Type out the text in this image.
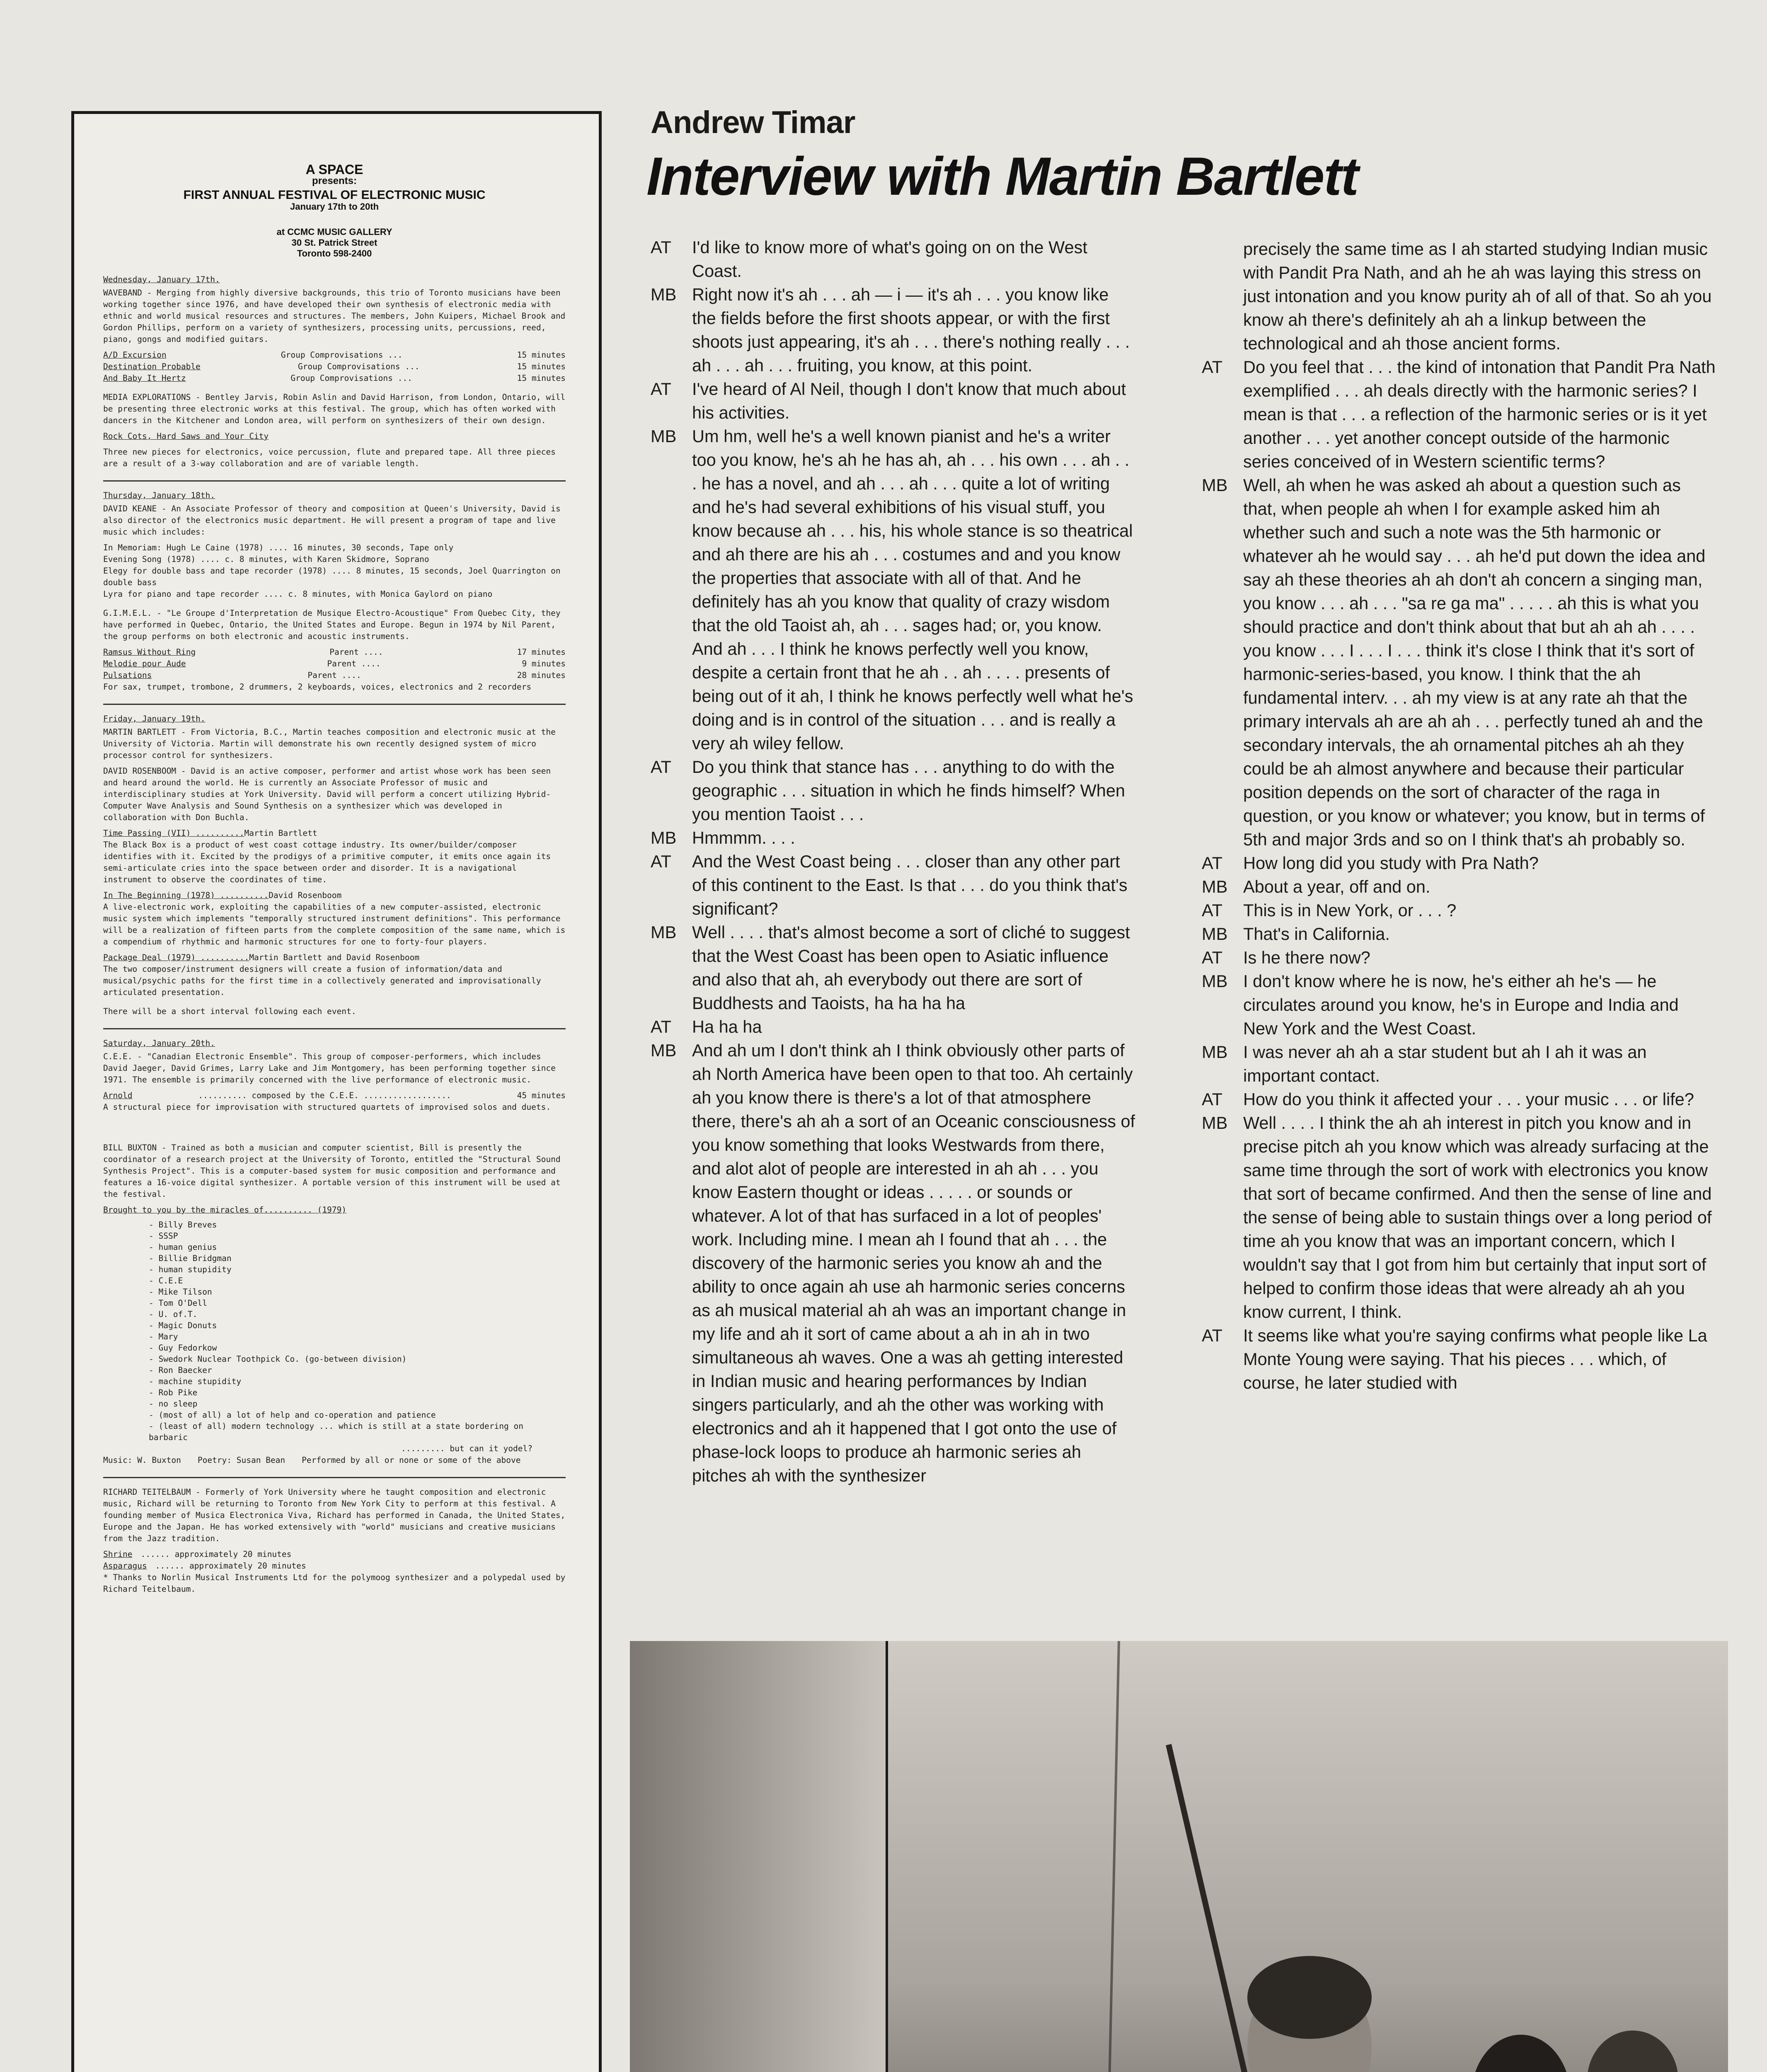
A SPACE
presents:
FIRST ANNUAL FESTIVAL OF ELECTRONIC MUSIC
January 17th to 20th
at CCMC MUSIC GALLERY
30 St. Patrick Street
Toronto 598-2400
Wednesday, January 17th.

WAVEBAND - Merging from highly diversive backgrounds, this trio of Toronto musicians have been working together since 1976, and have developed their own synthesis of electronic media with ethnic and world musical resources and structures. The members, John Kuipers, Michael Brook and Gordon Phillips, perform on a variety of synthesizers, processing units, percussions, reed, piano, gongs and modified guitars.

A/D Excursion	Group Comprovisations ...	15 minutes
Destination Probable	Group Comprovisations ...	15 minutes
And Baby It Hertz	Group Comprovisations ...	15 minutes

MEDIA EXPLORATIONS - Bentley Jarvis, Robin Aslin and David Harrison, from London, Ontario, will be presenting three electronic works at this festival. The group, which has often worked with dancers in the Kitchener and London area, will perform on synthesizers of their own design.

Rock Cots, Hard Saws and Your City

Three new pieces for electronics, voice percussion, flute and prepared tape. All three pieces are a result of a 3-way collaboration and are of variable length.

Thursday, January 18th.

DAVID KEANE - An Associate Professor of theory and composition at Queen's University, David is also director of the electronics music department. He will present a program of tape and live music which includes:

In Memoriam: Hugh Le Caine (1978) .... 16 minutes, 30 seconds, Tape only
Evening Song (1978) .... c. 8 minutes, with Karen Skidmore, Soprano
Elegy for double bass and tape recorder (1978) .... 8 minutes, 15 seconds, Joel Quarrington on double bass
Lyra for piano and tape recorder .... c. 8 minutes, with Monica Gaylord on piano

G.I.M.E.L. - "Le Groupe d'Interpretation de Musique Electro-Acoustique" From Quebec City, they have performed in Quebec, Ontario, the United States and Europe. Begun in 1974 by Nil Parent, the group performs on both electronic and acoustic instruments.

Ramsus Without Ring	Parent ....	17 minutes
Melodie pour Aude	Parent ....	9 minutes
Pulsations	Parent ....	28 minutes

For sax, trumpet, trombone, 2 drummers, 2 keyboards, voices, electronics and 2 recorders

Friday, January 19th.

MARTIN BARTLETT - From Victoria, B.C., Martin teaches composition and electronic music at the University of Victoria. Martin will demonstrate his own recently designed system of micro processor control for synthesizers.

DAVID ROSENBOOM - David is an active composer, performer and artist whose work has been seen and heard around the world. He is currently an Associate Professor of music and interdisciplinary studies at York University. David will perform a concert utilizing Hybrid-Computer Wave Analysis and Sound Synthesis on a synthesizer which was developed in collaboration with Don Buchla.

Time Passing (VII) ..........Martin Bartlett

The Black Box is a product of west coast cottage industry. Its owner/builder/composer identifies with it. Excited by the prodigys of a primitive computer, it emits once again its semi-articulate cries into the space between order and disorder. It is a navigational instrument to observe the coordinates of time.

In The Beginning (1978) ..........David Rosenboom

A live-electronic work, exploiting the capabilities of a new computer-assisted, electronic music system which implements "temporally structured instrument definitions". This performance will be a realization of fifteen parts from the complete composition of the same name, which is a compendium of rhythmic and harmonic structures for one to forty-four players.

Package Deal (1979) ..........Martin Bartlett and David Rosenboom

The two composer/instrument designers will create a fusion of information/data and musical/psychic paths for the first time in a collectively generated and improvisationally articulated presentation.

There will be a short interval following each event.

Saturday, January 20th.

C.E.E. - "Canadian Electronic Ensemble". This group of composer-performers, which includes David Jaeger, David Grimes, Larry Lake and Jim Montgomery, has been performing together since 1971. The ensemble is primarily concerned with the live performance of electronic music.

Arnold	.......... composed by the C.E.E. ..................	45 minutes

A structural piece for improvisation with structured quartets of improvised solos and duets.

BILL BUXTON - Trained as both a musician and computer scientist, Bill is presently the coordinator of a research project at the University of Toronto, entitled the "Structural Sound Synthesis Project". This is a computer-based system for music composition and performance and features a 16-voice digital synthesizer. A portable version of this instrument will be used at the festival.

Brought to you by the miracles of.......... (1979)
- Billy Breves
- SSSP
- human genius
- Billie Bridgman
- human stupidity
- C.E.E
- Mike Tilson
- Tom O'Dell
- U. of.T.
- Magic Donuts
- Mary
- Guy Fedorkow
- Swedork Nuclear Toothpick Co. (go-between division)
- Ron Baecker
- machine stupidity
- Rob Pike
- no sleep
- (most of all) a lot of help and co-operation and patience
- (least of all) modern technology ... which is still at a state bordering on barbaric
......... but can it yodel?
Music: W. Buxton Poetry: Susan Bean Performed by all or none or some of the above

RICHARD TEITELBAUM - Formerly of York University where he taught composition and electronic music, Richard will be returning to Toronto from New York City to perform at this festival. A founding member of Musica Electronica Viva, Richard has performed in Canada, the United States, Europe and the Japan. He has worked extensively with "world" musicians and creative musicians from the Jazz tradition.

Shrine ...... approximately 20 minutes
Asparagus ...... approximately 20 minutes

* Thanks to Norlin Musical Instruments Ltd for the polymoog synthesizer and a polypedal used by Richard Teitelbaum.

Andrew Timar
Interview with Martin Bartlett
AT	I'd like to know more of what's going on on the West Coast.
MB Right now it's ah . . . ah — i — it's ah . . . you know like the fields before the first shoots appear, or with the first shoots just appearing, it's ah . . . there's nothing really . . . ah . . . ah . . . fruiting, you know, at this point.
AT	I've heard of Al Neil, though I don't know that much about his activities.
MB Um hm, well he's a well known pianist and he's a writer too you know, he's ah he has ah, ah . . . his own . . . ah . . . he has a novel, and ah . . . ah . . . quite a lot of writing and he's had several exhibitions of his visual stuff, you know because ah . . . his, his whole stance is so theatrical and ah there are his ah . . . costumes and and you know the properties that associate with all of that. And he definitely has ah you know that quality of crazy wisdom that the old Taoist ah, ah . . . sages had; or, you know. And ah . . . I think he knows perfectly well you know, despite a certain front that he ah . . ah . . . . presents of being out of it ah, I think he knows perfectly well what he's doing and is in control of the situation . . . and is really a very ah wiley fellow.
AT	Do you think that stance has . . . anything to do with the geographic . . . situation in which he finds himself? When you mention Taoist . . .
MB Hmmmm. . . .
AT	And the West Coast being . . . closer than any other part of this continent to the East. Is that . . . do you think that's significant?
MB Well . . . . that's almost become a sort of cliché to suggest that the West Coast has been open to Asiatic influence and also that ah, ah everybody out there are sort of Buddhests and Taoists, ha ha ha ha
AT	Ha ha ha
MB And ah um I don't think ah I think obviously other parts of ah North America have been open to that too. Ah certainly ah you know there is there's a lot of that atmosphere there, there's ah ah a sort of an Oceanic consciousness of you know something that looks Westwards from there, and alot alot of people are interested in ah ah . . . you know Eastern thought or ideas . . . . . or sounds or whatever. A lot of that has surfaced in a lot of peoples' work. Including mine. I mean ah I found that ah . . . the discovery of the harmonic series you know ah and the ability to once again ah use ah harmonic series concerns as ah musical material ah ah was an important change in my life and ah it sort of came about a ah in ah in two simultaneous ah waves. One a was ah getting interested in Indian music and hearing performances by Indian singers particularly, and ah the other was working with electronics and ah it happened that I got onto the use of phase-lock loops to produce ah harmonic series ah pitches ah with the synthesizer
precisely the same time as I ah started studying Indian music with Pandit Pra Nath, and ah he ah was laying this stress on just intonation and you know purity ah of all of that. So ah you know ah there's definitely ah ah a linkup between the technological and ah those ancient forms.
AT	Do you feel that . . . the kind of intonation that Pandit Pra Nath exemplified . . . ah deals directly with the harmonic series? I mean is that . . . a reflection of the harmonic series or is it yet another . . . yet another concept outside of the harmonic series conceived of in Western scientific terms?
MB Well, ah when he was asked ah about a question such as that, when people ah when I for example asked him ah whether such and such a note was the 5th harmonic or whatever ah he would say . . . ah he'd put down the idea and say ah these theories ah ah don't ah concern a singing man, you know . . . ah . . . "sa re ga ma" . . . . . ah this is what you should practice and don't think about that but ah ah ah . . . . you know . . . I . . . I . . . think it's close I think that it's sort of harmonic-series-based, you know. I think that the ah fundamental interv. . . ah my view is at any rate ah that the primary intervals ah are ah ah . . . perfectly tuned ah and the secondary intervals, the ah ornamental pitches ah ah they could be ah almost anywhere and because their particular position depends on the sort of character of the raga in question, or you know or whatever; you know, but in terms of 5th and major 3rds and so on I think that's ah probably so.
AT	How long did you study with Pra Nath?
MB About a year, off and on.
AT	This is in New York, or . . . ?
MB That's in California.
AT	Is he there now?
MB I don't know where he is now, he's either ah he's — he circulates around you know, he's in Europe and India and New York and the West Coast.
MB I was never ah ah a star student but ah I ah it was an important contact.
AT	How do you think it affected your . . . your music . . . or life?
MB Well . . . . I think the ah ah interest in pitch you know and in precise pitch ah you know which was already surfacing at the same time through the sort of work with electronics you know that sort of became confirmed. And then the sense of line and the sense of being able to sustain things over a long period of time ah you know that was an important concern, which I wouldn't say that I got from him but certainly that input sort of helped to confirm those ideas that were already ah ah you know current, I think.
AT	It seems like what you're saying confirms what people like La Monte Young were saying. That his pieces . . . which, of course, he later studied with
